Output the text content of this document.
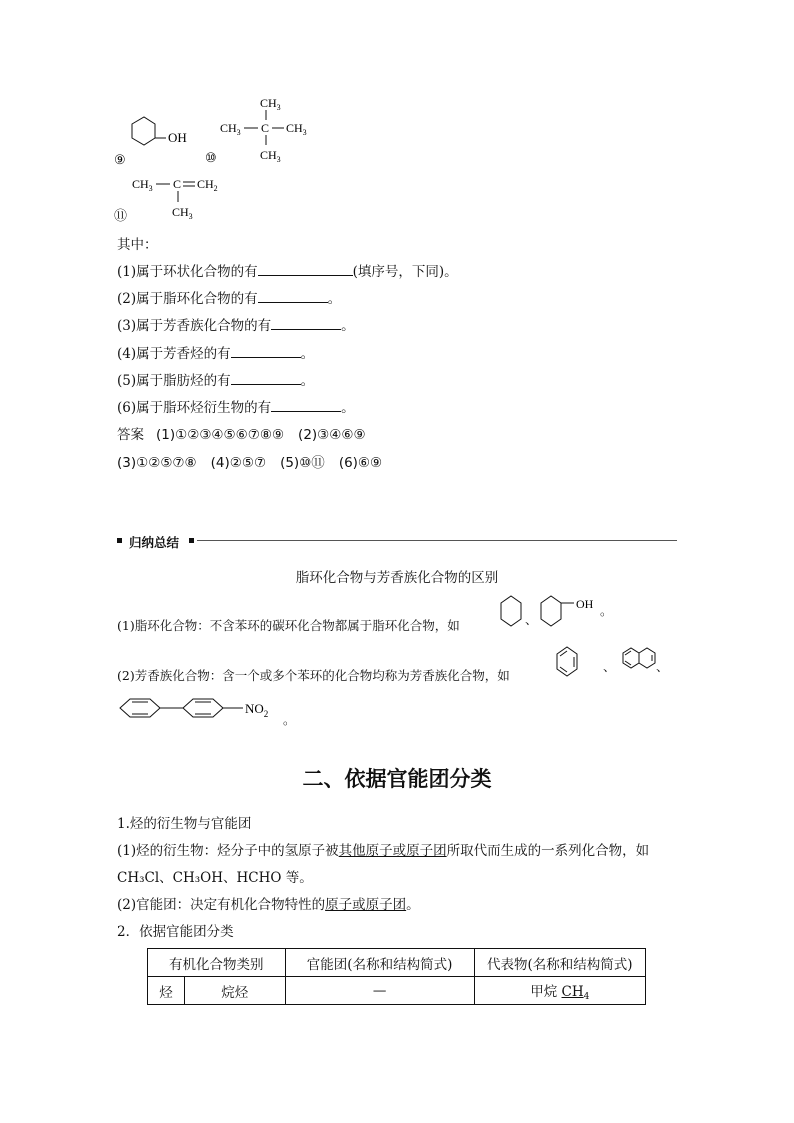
OH
⑨
$CH_3$
$CH_3$ C $CH_3$
$CH_3$
⑩
$CH_3$ C $CH_2$
$CH_3$
⑪
其中：
(1)属于环状化合物的有	(填序号，下同)。
(2)属于脂环化合物的有	。
(3)属于芳香族化合物的有	。
(4)属于芳香烃的有	。
(5)属于脂肪烃的有	。
(6)属于脂环烃衍生物的有	。
答案 (1)①②③④⑤⑥⑦⑧⑨ (2)③④⑥⑨
(3)①②⑤⑦⑧ (4)②⑤⑦ (5)⑩⑪ (6)⑥⑨
归纳总结
脂环化合物与芳香族化合物的区别
(1)脂环化合物：不含苯环的碳环化合物都属于脂环化合物，如	、
OH 。
(2)芳香族化合物：含一个或多个苯环的化合物均称为芳香族化合物，如
、	、
$NO_2$ 。
二、依据官能团分类
1.烃的衍生物与官能团
(1)烃的衍生物：烃分子中的氢原子被其他原子或原子团所取代而生成的一系列化合物，如
CH₃Cl、CH₃OH、HCHO 等。
(2)官能团：决定有机化合物特性的原子或原子团。
2．依据官能团分类
有机化合物类别		官能团(名称和结构简式)	代表物(名称和结构简式)
烃	烷烃	—	甲烷 $CH_4$
